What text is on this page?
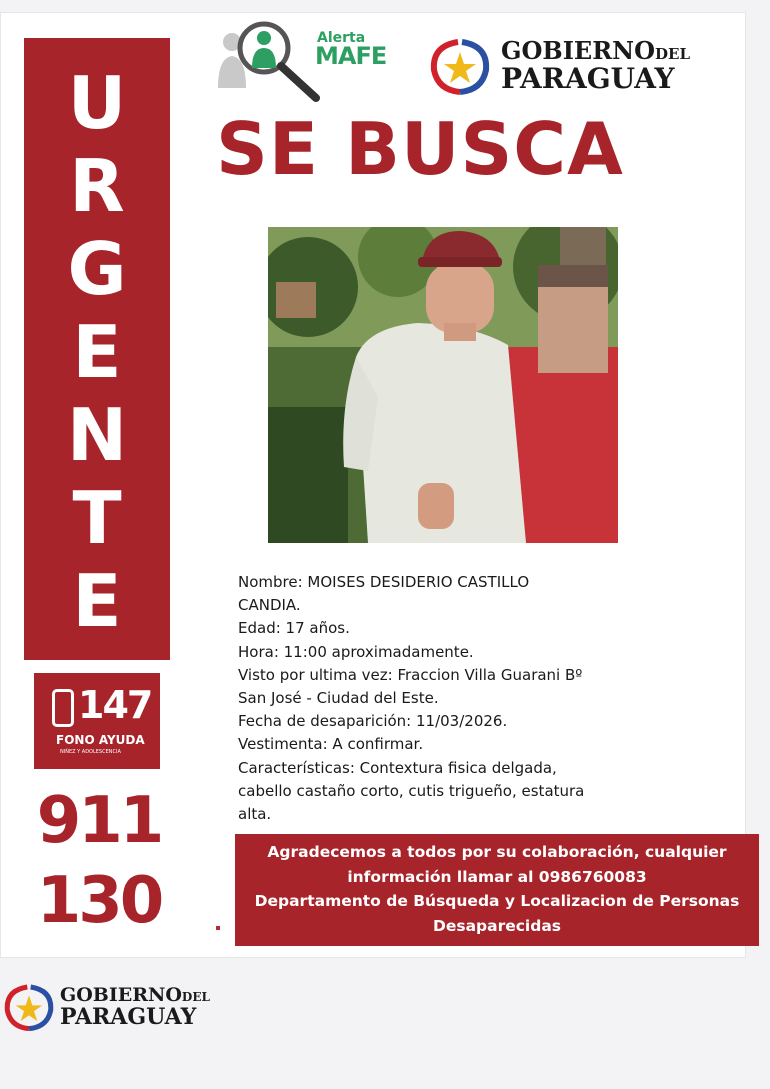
U
R
G
E
N
T
E
147
FONO AYUDA
NIÑEZ Y ADOLESCENCIA
911
130
Alerta
MAFE	GOBIERNODEL
PARAGUAY
SE BUSCA
Nombre: MOISES DESIDERIO CASTILLO
CANDIA.
Edad: 17 años.
Hora: 11:00 aproximadamente.
Visto por ultima vez: Fraccion Villa Guarani Bº
San José - Ciudad del Este.
Fecha de desaparición: 11/03/2026.
Vestimenta: A confirmar.
Características: Contextura fisica delgada,
cabello castaño corto, cutis trigueño, estatura
alta.
Agradecemos a todos por su colaboración, cualquier
información llamar al 0986760083
Departamento de Búsqueda y Localizacion de Personas
Desaparecidas
GOBIERNODEL
PARAGUAY
